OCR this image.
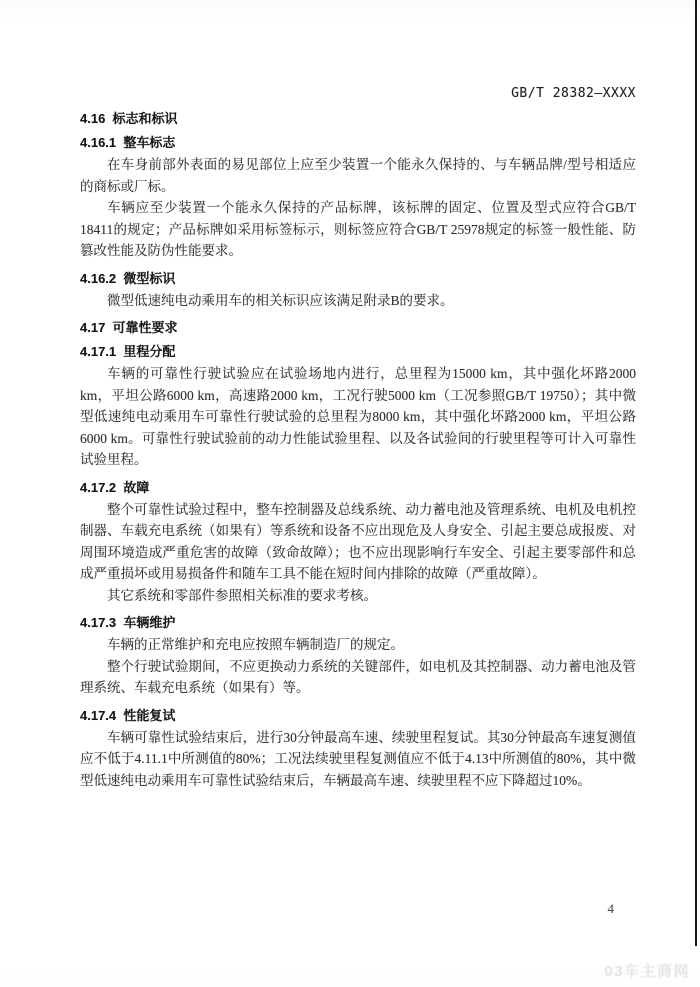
GB/T 28382—XXXX
4.16  标志和标识
4.16.1  整车标志

在车身前部外表面的易见部位上应至少装置一个能永久保持的、与车辆品牌/型号相适应的商标或厂标。

车辆应至少装置一个能永久保持的产品标牌，该标牌的固定、位置及型式应符合GB/T 18411的规定；产品标牌如采用标签标示，则标签应符合GB/T 25978规定的标签一般性能、防篡改性能及防伪性能要求。

4.16.2  微型标识

微型低速纯电动乘用车的相关标识应该满足附录B的要求。

4.17  可靠性要求
4.17.1  里程分配

车辆的可靠性行驶试验应在试验场地内进行，总里程为15000 km，其中强化坏路2000 km，平坦公路6000 km，高速路2000 km，工况行驶5000 km（工况参照GB/T 19750）；其中微型低速纯电动乘用车可靠性行驶试验的总里程为8000 km，其中强化坏路2000 km，平坦公路6000 km。可靠性行驶试验前的动力性能试验里程、以及各试验间的行驶里程等可计入可靠性试验里程。

4.17.2  故障

整个可靠性试验过程中，整车控制器及总线系统、动力蓄电池及管理系统、电机及电机控制器、车载充电系统（如果有）等系统和设备不应出现危及人身安全、引起主要总成报废、对周围环境造成严重危害的故障（致命故障）；也不应出现影响行车安全、引起主要零部件和总成严重损坏或用易损备件和随车工具不能在短时间内排除的故障（严重故障）。

其它系统和零部件参照相关标准的要求考核。

4.17.3  车辆维护

车辆的正常维护和充电应按照车辆制造厂的规定。

整个行驶试验期间，不应更换动力系统的关键部件，如电机及其控制器、动力蓄电池及管理系统、车载充电系统（如果有）等。

4.17.4  性能复试

车辆可靠性试验结束后，进行30分钟最高车速、续驶里程复试。其30分钟最高车速复测值应不低于4.11.1中所测值的80%；工况法续驶里程复测值应不低于4.13中所测值的80%，其中微型低速纯电动乘用车可靠性试验结束后，车辆最高车速、续驶里程不应下降超过10%。

4
03车主商网
